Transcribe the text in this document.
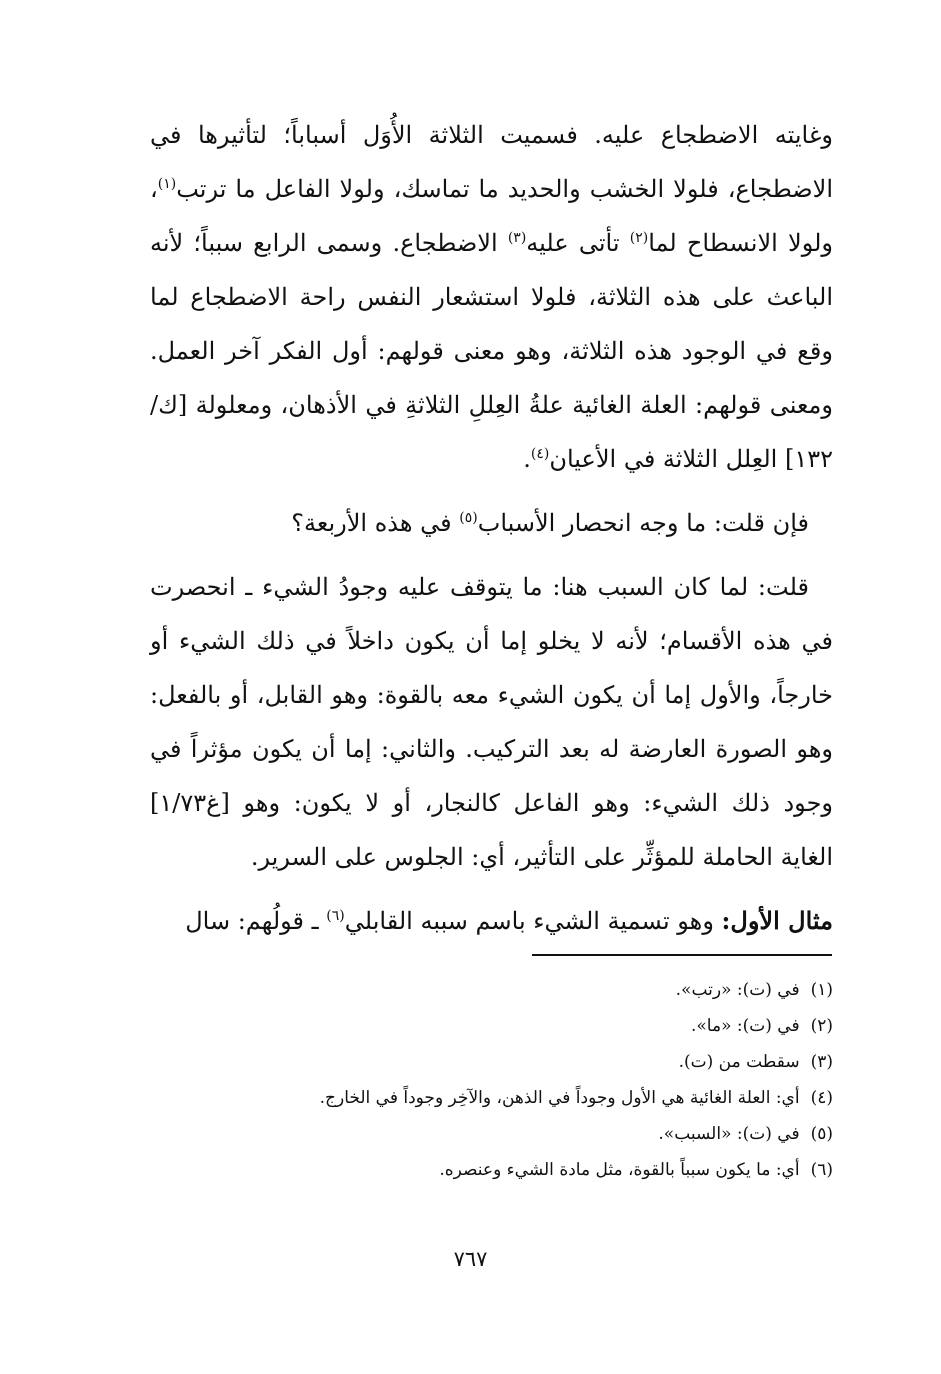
وغايته الاضطجاع عليه. فسميت الثلاثة الأُوَل أسباباً؛ لتأثيرها في الاضطجاع، فلولا الخشب والحديد ما تماسك، ولولا الفاعل ما ترتب$^{(١)}$، ولولا الانسطاح لما$^{(٢)}$ تأتى عليه$^{(٣)}$ الاضطجاع. وسمى الرابع سبباً؛ لأنه الباعث على هذه الثلاثة، فلولا استشعار النفس راحة الاضطجاع لما وقع في الوجود هذه الثلاثة، وهو معنى قولهم: أول الفكر آخر العمل. ومعنى قولهم: العلة الغائية علةُ العِللِ الثلاثةِ في الأذهان، ومعلولة [ك/١٣٢] العِلل الثلاثة في الأعيان$^{(٤)}$.

فإن قلت: ما وجه انحصار الأسباب$^{(٥)}$ في هذه الأربعة؟

قلت: لما كان السبب هنا: ما يتوقف عليه وجودُ الشيء ـ انحصرت في هذه الأقسام؛ لأنه لا يخلو إما أن يكون داخلاً في ذلك الشيء أو خارجاً، والأول إما أن يكون الشيء معه بالقوة: وهو القابل، أو بالفعل: وهو الصورة العارضة له بعد التركيب. والثاني: إما أن يكون مؤثراً في وجود ذلك الشيء: وهو الفاعل كالنجار، أو لا يكون: وهو [غ١/٧٣] الغاية الحاملة للمؤثِّر على التأثير، أي: الجلوس على السرير.

مثال الأول: وهو تسمية الشيء باسم سببه القابلي$^{(٦)}$ ـ قولُهم: سال

(١) في (ت): «رتب».

(٢) في (ت): «ما».

(٣) سقطت من (ت).

(٤) أي: العلة الغائية هي الأول وجوداً في الذهن، والآخِر وجوداً في الخارج.

(٥) في (ت): «السبب».

(٦) أي: ما يكون سبباً بالقوة، مثل مادة الشيء وعنصره.

٧٦٧
